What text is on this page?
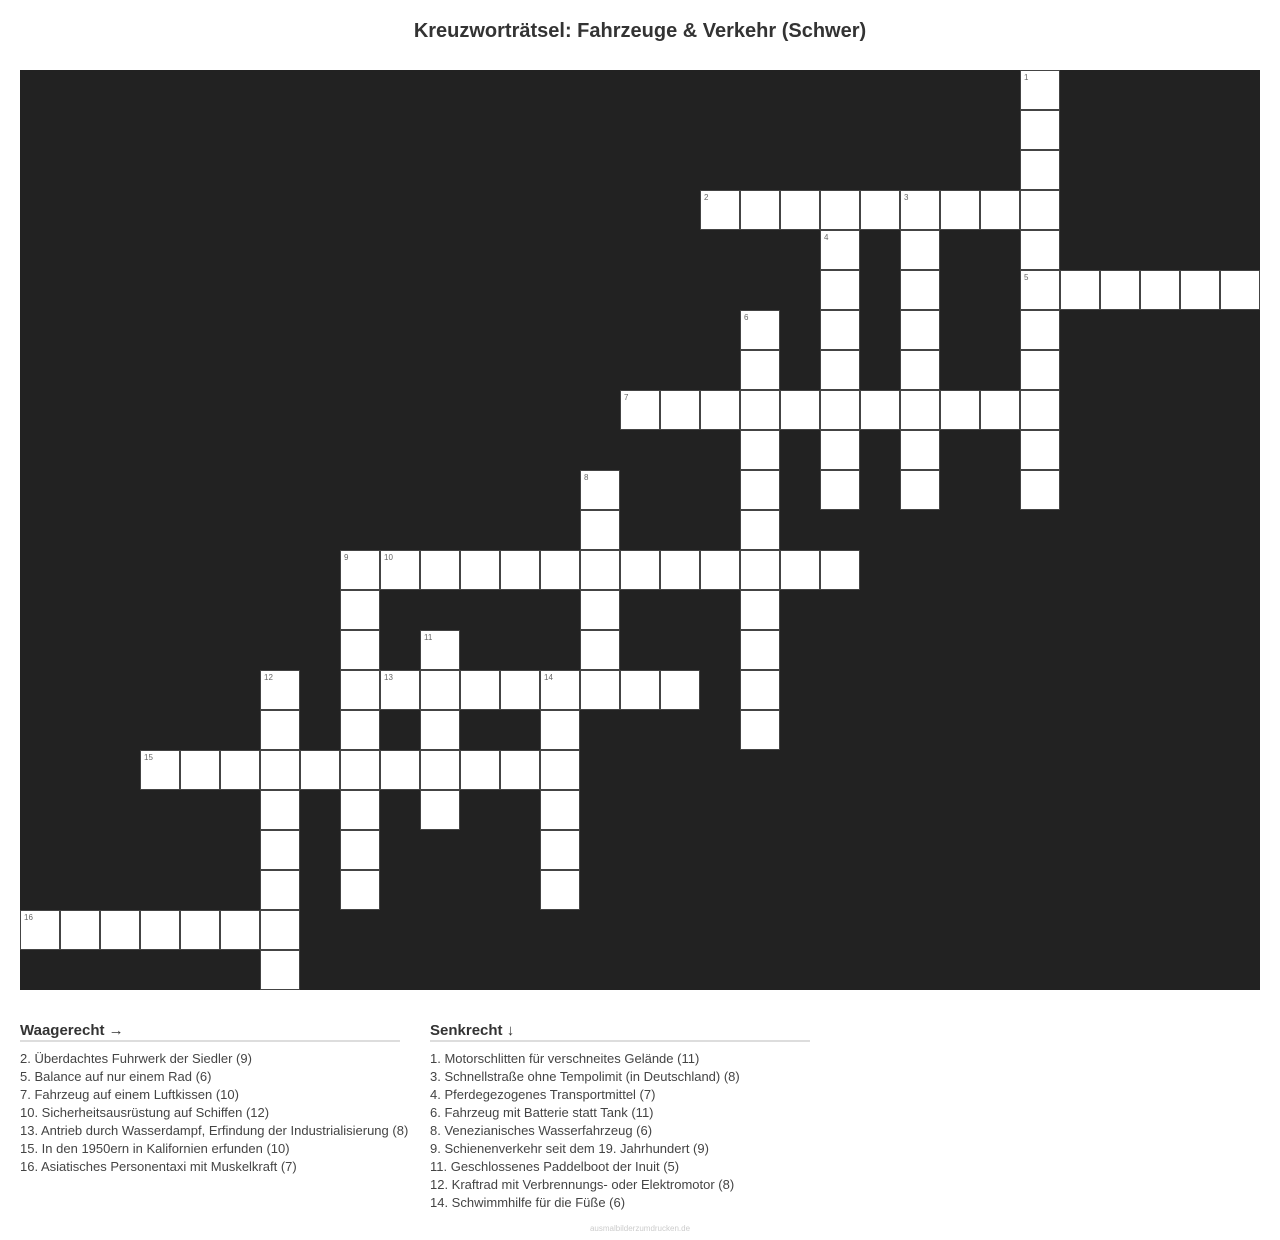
Kreuzworträtsel: Fahrzeuge & Verkehr (Schwer)
2	3
5
7
10
13	14
15
16
1
4
6
8
9
11
12
Waagerecht →
2. Überdachtes Fuhrwerk der Siedler (9)
5. Balance auf nur einem Rad (6)
7. Fahrzeug auf einem Luftkissen (10)
10. Sicherheitsausrüstung auf Schiffen (12)
13. Antrieb durch Wasserdampf, Erfindung der Industrialisierung (8)
15. In den 1950ern in Kalifornien erfunden (10)
16. Asiatisches Personentaxi mit Muskelkraft (7)
Senkrecht ↓
1. Motorschlitten für verschneites Gelände (11)
3. Schnellstraße ohne Tempolimit (in Deutschland) (8)
4. Pferdegezogenes Transportmittel (7)
6. Fahrzeug mit Batterie statt Tank (11)
8. Venezianisches Wasserfahrzeug (6)
9. Schienenverkehr seit dem 19. Jahrhundert (9)
11. Geschlossenes Paddelboot der Inuit (5)
12. Kraftrad mit Verbrennungs- oder Elektromotor (8)
14. Schwimmhilfe für die Füße (6)
ausmalbilderzumdrucken.de
